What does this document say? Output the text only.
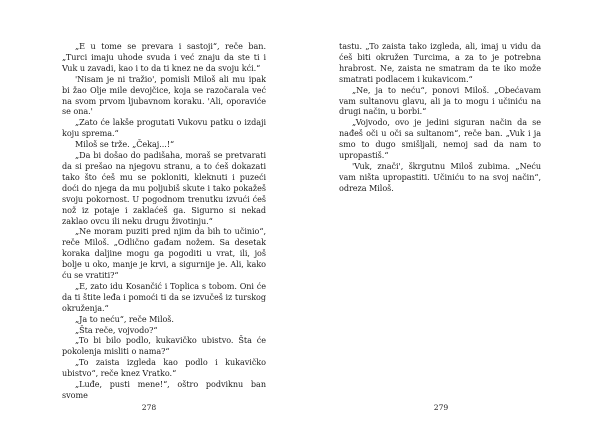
„E u tome se prevara i sastoji“, reče ban. „Turci imaju uhode svuda i već znaju da ste ti i Vuk u zavadi, kao i to da ti knez ne da svoju kći.“

'Nisam je ni tražio', pomisli Miloš ali mu ipak bi žao Olje mile devojčice, koja se razočarala već na svom prvom ljubavnom koraku. 'Ali, oporaviće se ona.'

„Zato će lakše progutati Vukovu patku o izdaji koju sprema.“

Miloš se trže. „Čekaj...!“

„Da bi došao do padišaha, moraš se pretvarati da si prešao na njegovu stranu, a to ćeš dokazati tako što ćeš mu se pokloniti, kleknuti i puzeći doći do njega da mu poljubiš skute i tako pokažeš svoju pokornost. U pogodnom trenutku izvući ćeš nož iz potaje i zaklaćeš ga. Sigurno si nekad zaklao ovcu ili neku drugu životinju.“

„Ne moram puziti pred njim da bih to učinio“, reče Miloš. „Odlično gađam nožem. Sa desetak koraka daljine mogu ga pogoditi u vrat, ili, još bolje u oko, manje je krvi, a sigurnije je. Ali, kako ću se vratiti?“

„E, zato idu Kosančić i Toplica s tobom. Oni će da ti štite leđa i pomoći ti da se izvučeš iz turskog okruženja.“

„Ja to neću“, reče Miloš.

„Šta reče, vojvodo?“

„To bi bilo podlo, kukavičko ubistvo. Šta će pokolenja misliti o nama?“

„To zaista izgleda kao podlo i kukavičko ubistvo“, reče knez Vratko.“

„Luđe, pusti mene!“, oštro podviknu ban svome

278

tastu. „To zaista tako izgleda, ali, imaj u vidu da ćeš biti okružen Turcima, a za to je potrebna hrabrost. Ne, zaista ne smatram da te iko može smatrati podlacem i kukavicom.“

„Ne, ja to neću“, ponovi Miloš. „Obećavam vam sultanovu glavu, ali ja to mogu i učiniću na drugi način, u borbi.“

„Vojvodo, ovo je jedini siguran način da se nađeš oči u oči sa sultanom“, reče ban. „Vuk i ja smo to dugo smišljali, nemoj sad da nam to upropastiš.“

'Vuk, znači', škrgutnu Miloš zubima. „Neću vam ništa upropastiti. Učiniću to na svoj način“, odreza Miloš.

279
